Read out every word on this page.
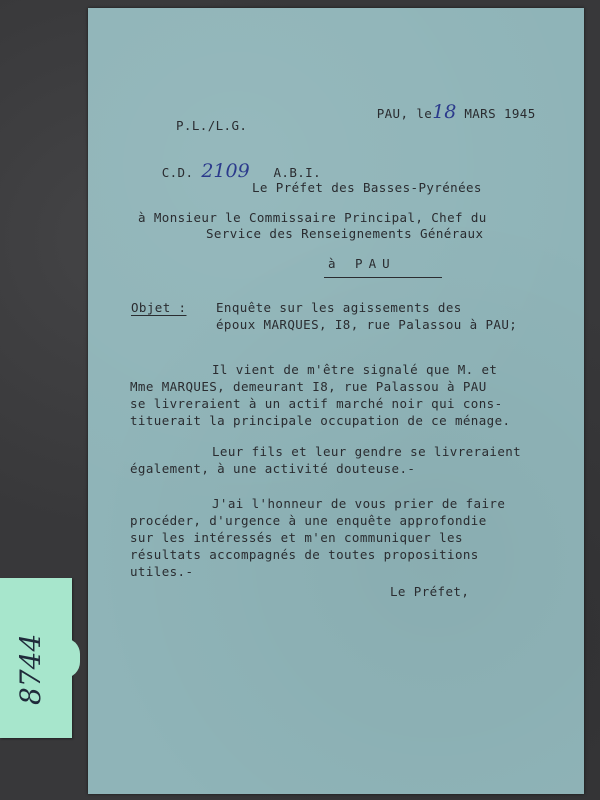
PAU, le18 MARS 1945

P.L./L.G.

C.D. 2109 A.B.I.

Le Préfet des Basses-Pyrénées
à Monsieur le Commissaire Principal, Chef du
Service des Renseignements Généraux
à PAU
Objet : Enquête sur les agissements des
époux MARQUES, I8, rue Palassou à PAU;
Il vient de m'être signalé que M. et
Mme MARQUES, demeurant I8, rue Palassou à PAU
se livreraient à un actif marché noir qui cons-
tituerait la principale occupation de ce ménage.
Leur fils et leur gendre se livreraient
également, à une activité douteuse.-
J'ai l'honneur de vous prier de faire
procéder, d'urgence à une enquête approfondie
sur les intéressés et m'en communiquer les
résultats accompagnés de toutes propositions
utiles.-
Le Préfet,
8744
